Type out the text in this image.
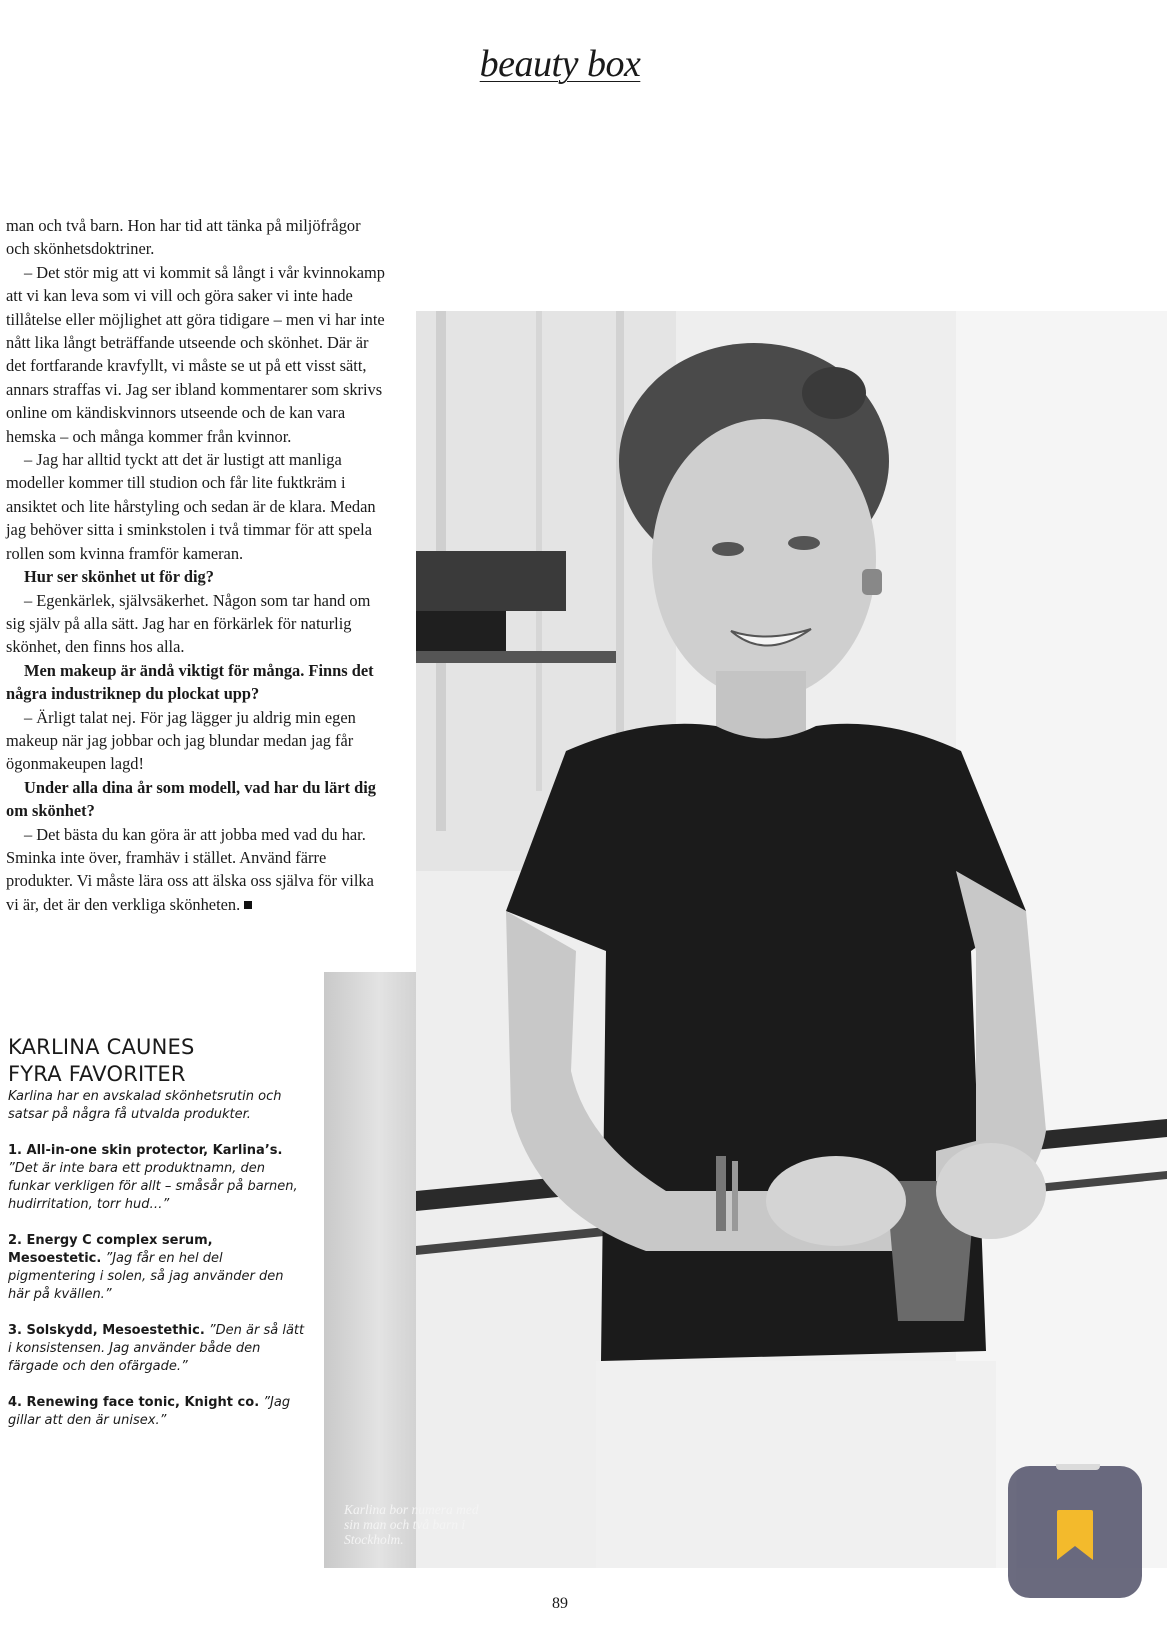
beauty box

man och två barn. Hon har tid att tänka på miljöfrågor och skönhetsdoktriner.

– Det stör mig att vi kommit så långt i vår kvinnokamp att vi kan leva som vi vill och göra saker vi inte hade tillåtelse eller möjlighet att göra tidigare – men vi har inte nått lika långt beträffande utseende och skönhet. Där är det fortfarande kravfyllt, vi måste se ut på ett visst sätt, annars straffas vi. Jag ser ibland kommentarer som skrivs online om kändiskvinnors utseende och de kan vara hemska – och många kommer från kvinnor.

– Jag har alltid tyckt att det är lustigt att manliga modeller kommer till studion och får lite fuktkräm i ansiktet och lite hårstyling och sedan är de klara. Medan jag behöver sitta i sminkstolen i två timmar för att spela rollen som kvinna framför kameran.

Hur ser skönhet ut för dig?

– Egenkärlek, självsäkerhet. Någon som tar hand om sig själv på alla sätt. Jag har en förkärlek för naturlig skönhet, den finns hos alla.

Men makeup är ändå viktigt för många. Finns det några industriknep du plockat upp?

– Ärligt talat nej. För jag lägger ju aldrig min egen makeup när jag jobbar och jag blundar medan jag får ögonmakeupen lagd!

Under alla dina år som modell, vad har du lärt dig om skönhet?

– Det bästa du kan göra är att jobba med vad du har. Sminka inte över, framhäv i stället. Använd färre produkter. Vi måste lära oss att älska oss själva för vilka vi är, det är den verkliga skönheten.

KARLINA CAUNES
FYRA FAVORITER

Karlina har en avskalad skönhetsrutin och satsar på några få utvalda produkter.

1. All-in-one skin protector, Karlina’s. ”Det är inte bara ett produktnamn, den funkar verkligen för allt – småsår på barnen, hudirritation, torr hud…”

2. Energy C complex serum, Mesoestetic. ”Jag får en hel del pigmentering i solen, så jag använder den här på kvällen.”

3. Solskydd, Mesoestethic. ”Den är så lätt i konsistensen. Jag använder både den färgade och den ofärgade.”

4. Renewing face tonic, Knight co. ”Jag gillar att den är unisex.”

Karlina bor numera med sin man och två barn i Stockholm.
89
